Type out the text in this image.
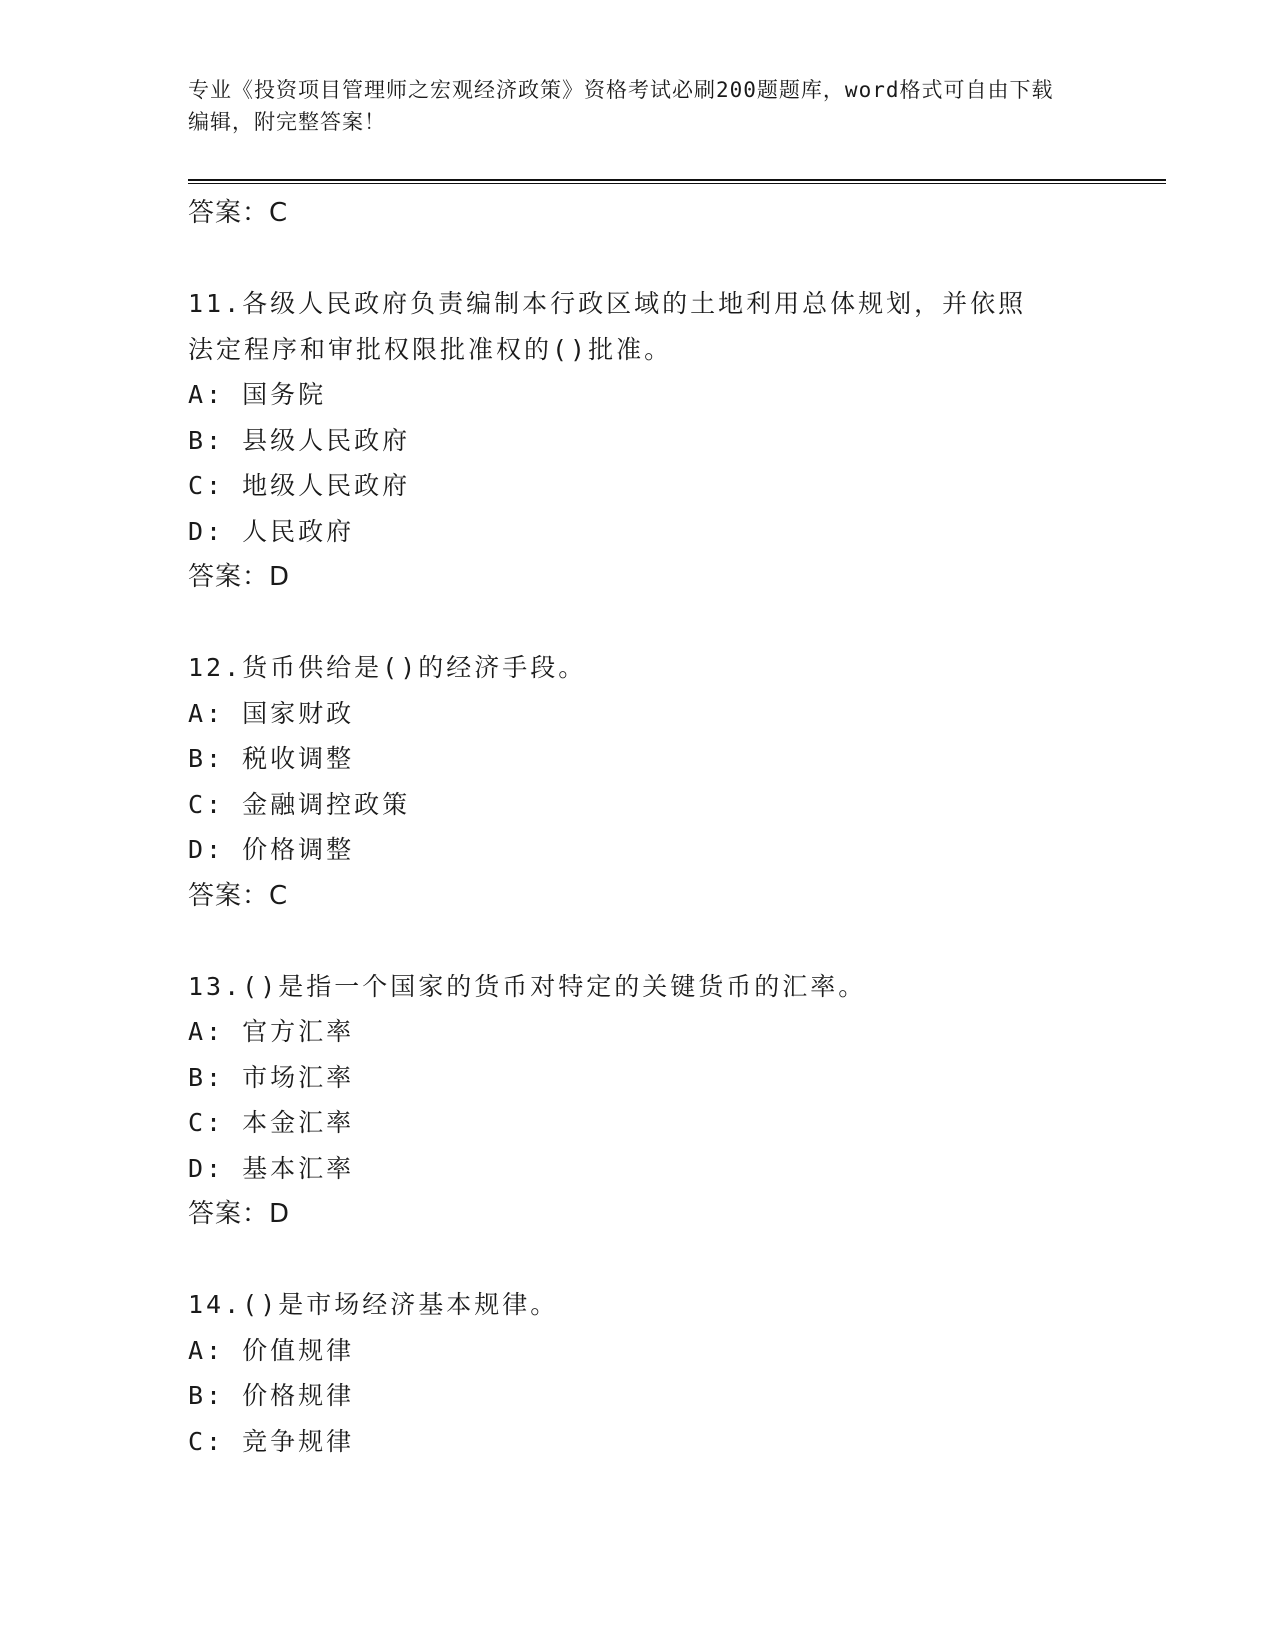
专业《投资项目管理师之宏观经济政策》资格考试必刷200题题库，word格式可自由下载编辑，附完整答案！
答案：C
11.各级人民政府负责编制本行政区域的土地利用总体规划，并依照法定程序和审批权限批准权的()批准。
A: 国务院
B: 县级人民政府
C: 地级人民政府
D: 人民政府
答案：D
12.货币供给是()的经济手段。
A: 国家财政
B: 税收调整
C: 金融调控政策
D: 价格调整
答案：C
13.()是指一个国家的货币对特定的关键货币的汇率。
A: 官方汇率
B: 市场汇率
C: 本金汇率
D: 基本汇率
答案：D
14.()是市场经济基本规律。
A: 价值规律
B: 价格规律
C: 竞争规律
